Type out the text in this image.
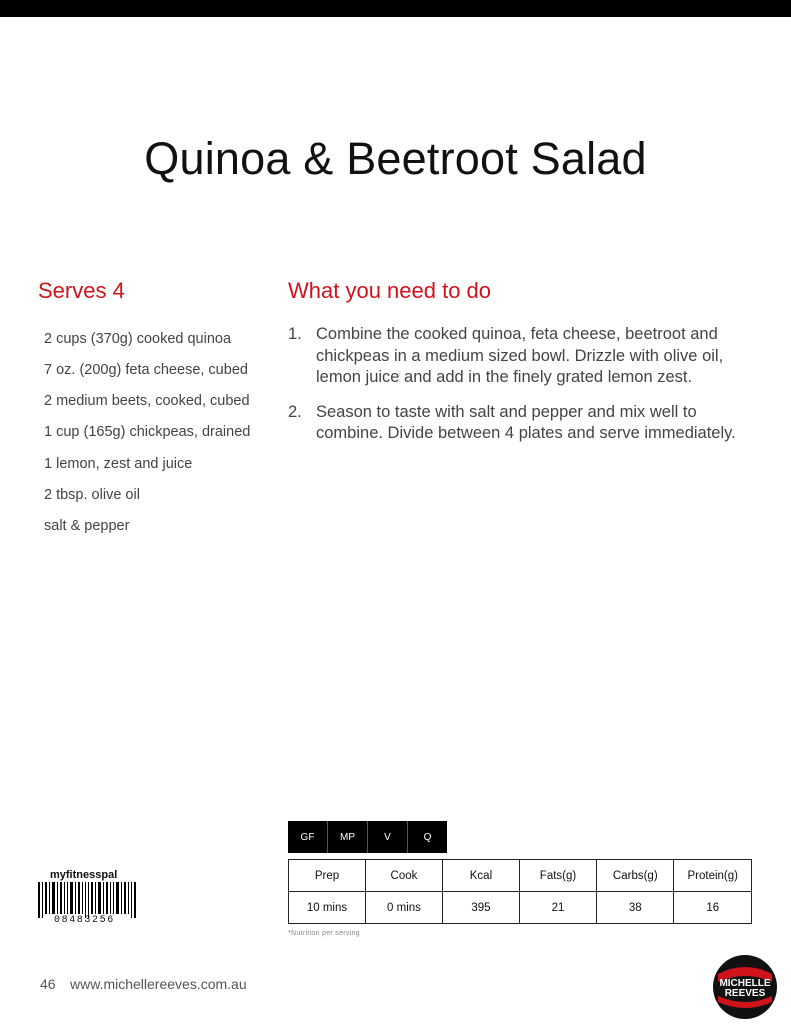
Quinoa & Beetroot Salad
Serves 4
2 cups (370g) cooked quinoa
7 oz. (200g) feta cheese, cubed
2 medium beets, cooked, cubed
1 cup (165g) chickpeas, drained
1 lemon, zest and juice
2 tbsp. olive oil
salt & pepper
What you need to do
1. Combine the cooked quinoa, feta cheese, beetroot and chickpeas in a medium sized bowl. Drizzle with olive oil, lemon juice and add in the finely grated lemon zest.
2. Season to taste with salt and pepper and mix well to combine. Divide between 4 plates and serve immediately.
GF	MP	V	Q
Prep	Cook	Kcal	Fats(g)	Carbs(g)	Protein(g)
10 mins	0 mins	395	21	38	16
*Nutrition per serving
myfitnesspal
08483256
46 www.michellereeves.com.au	MICHELLE
REEVES
